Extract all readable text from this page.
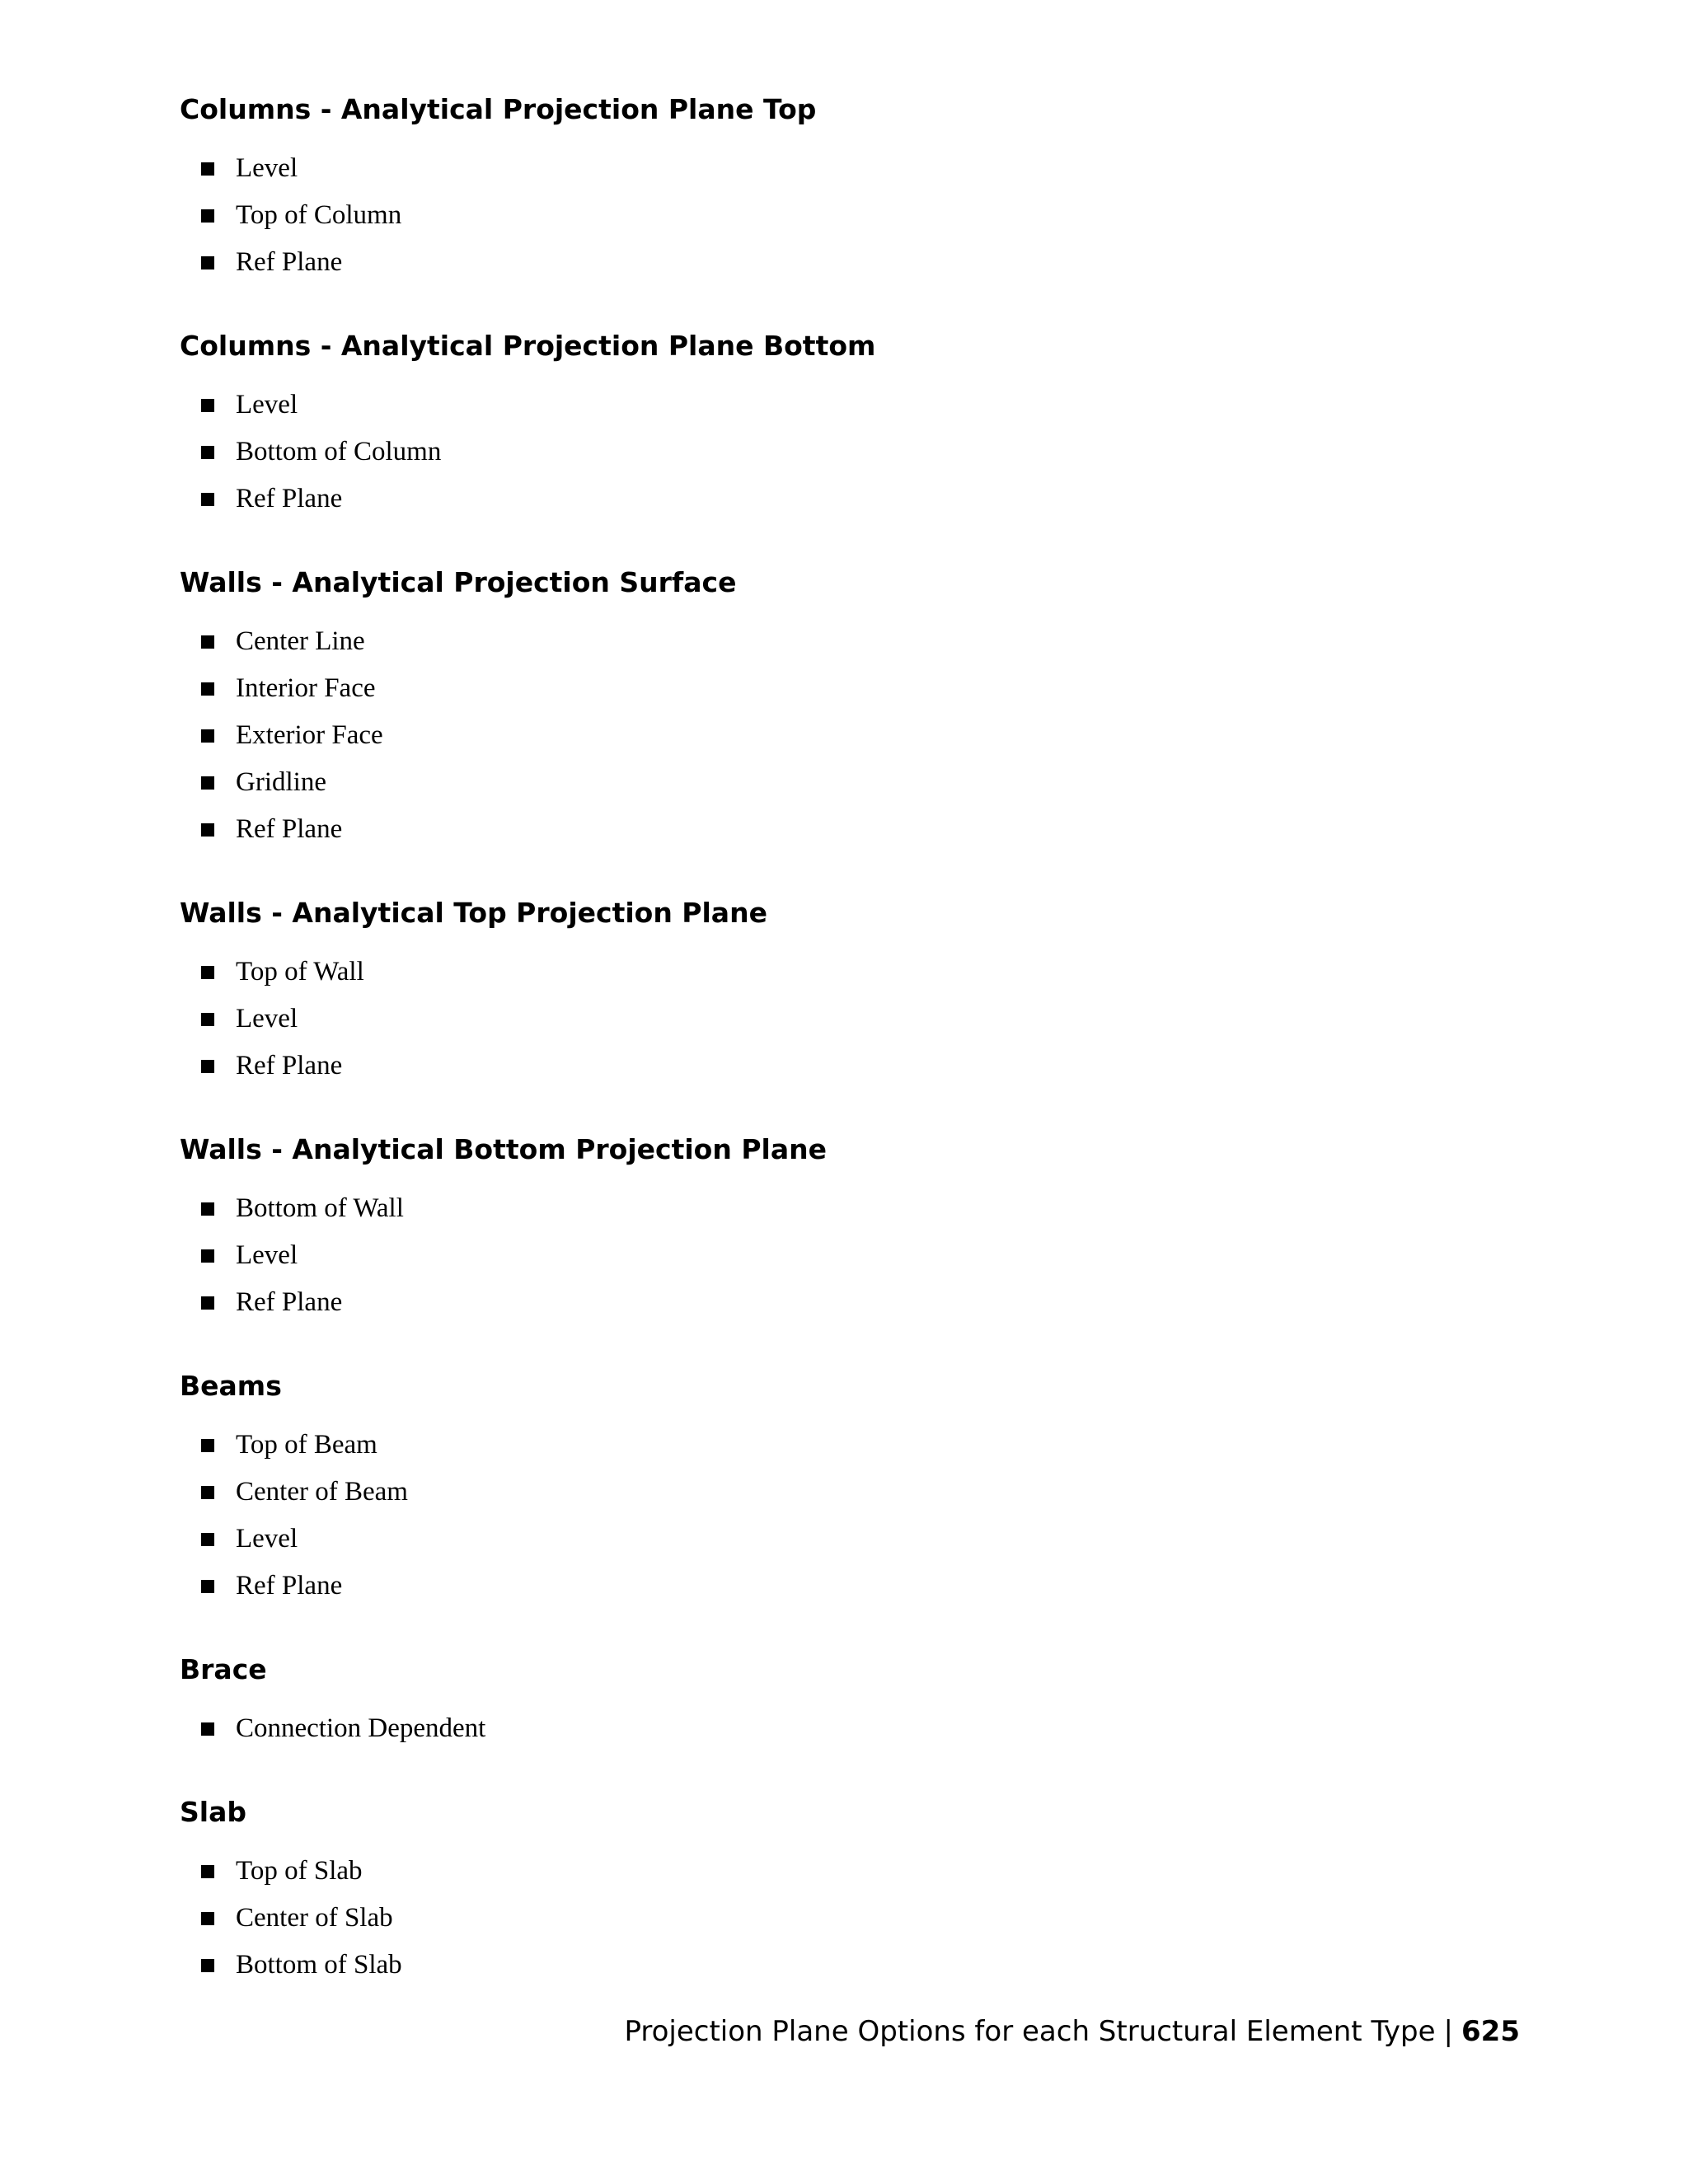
Columns - Analytical Projection Plane Top
Level
Top of Column
Ref Plane
Columns - Analytical Projection Plane Bottom
Level
Bottom of Column
Ref Plane
Walls - Analytical Projection Surface
Center Line
Interior Face
Exterior Face
Gridline
Ref Plane
Walls - Analytical Top Projection Plane
Top of Wall
Level
Ref Plane
Walls - Analytical Bottom Projection Plane
Bottom of Wall
Level
Ref Plane
Beams
Top of Beam
Center of Beam
Level
Ref Plane
Brace
Connection Dependent
Slab
Top of Slab
Center of Slab
Bottom of Slab
Projection Plane Options for each Structural Element Type | 625
